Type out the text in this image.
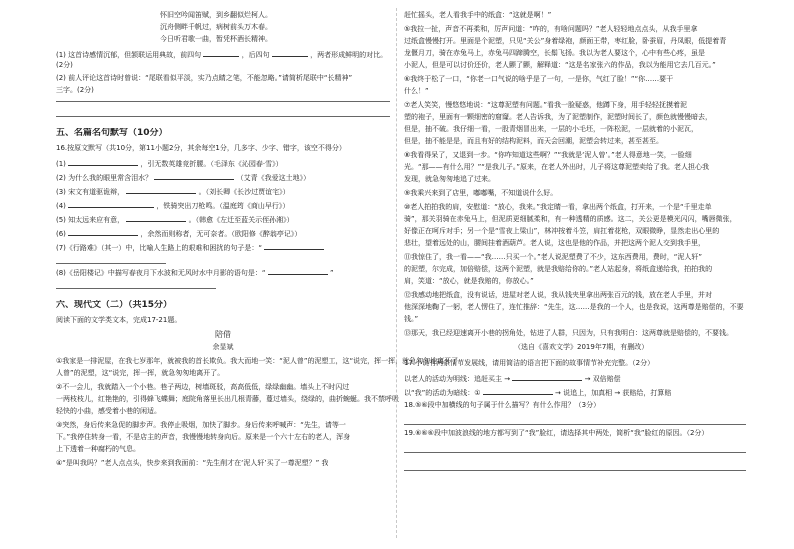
怀旧空吟闻笛赋，到乡翻似烂柯人。
沉舟侧畔千帆过，病树前头万木春。
今日听君歌一曲，暂凭杯酒长精神。
(1) 这首诗感情沉郁，但颔联运用典故，前四句	，后四句	，两者形成鲜明的对比。
(2分)
(2) 前人评论这首诗时曾说：“尾联看似平淡，实乃点睛之笔，不能忽略。”请简析尾联中“长精神”
三字。(2分)
五、名篇名句默写（10分）
16.按原文默写（共10分，第11小题2分，其余每空1分，几多字、少字、错字，该空不得分）
(1)	，引无数英雄竞折腰。（毛泽东《沁园春·雪》）
(2) 为什么我的眼里常含泪水？	（艾青《我爱这土地》）
(3) 宋文有道驱诡辩，	。（刘长卿《长沙过贾谊宅》）
(4)	，铁骑突出刀枪鸣。（温庭筠《商山早行》）
(5) 知太远来应有意，	。（韩愈《左迁至蓝关示侄孙湘》）
(6)	，余然而则称者，无可奈者。（欧阳修《醉翁亭记》）
(7)《行路难》（其一）中，比喻人生路上的艰难和困扰的句子是：“
(8)《岳阳楼记》中描写春夜月下水波和无风时水中月影的语句是：“	”
六、现代文（二）（共15分）
阅读下面的文学类文本，完成17-21题。
陪借
余显斌
①我家是一排泥屋，在我七岁那年，就被我的首长欺负。我大而地一笑：“泥人曾”的泥塑工，这“说完，挥一挥，就急匆匆地离开了。
人曾”的泥塑，这“说完，挥一挥，就急匆匆地离开了。
②不一会儿，我就踏入一个小巷。巷子两边，树墙斑驳，高高低低，绿绿幽幽。墙头上不时闪过
一两枝枝儿，红艳艳的，引得蜂飞蝶舞；庭院角落里长出几根青藤，蔓过墙头，绕绿的，曲折蜿蜒。我不禁呼吸
轻快的小曲，感受着小巷的闲适。
③突然，身后传来急促的脚步声。我停止吸烟，加快了脚步。身后传来呼喊声：“先生，请等一
下。”我停住转身一看，不是店主的声音，我慢慢地转身向后。原来是一个六十左右的老人，浑身
上下透着一种腐朽的气息。
④“是叫我吗？”老人点点头，快步来到我面前：“先生削才在‘泥人轩’买了一尊泥塑？” 我
赶忙摇头，老人看我手中的纸盒：“这就是啊！”
⑤我拉一扯，声音不再柔和，厉声问道：“咋的，有啥问题吗？”老人轻轻地点点头，从我手里拿
过纸盒慢慢打开。里面是个泥塑，只见“关公”身着绿袍，颜面王带，枣红脸，卧蚕眉，丹凤眼，低提着青
龙偃月刀，骑在赤兔马上，赤兔马四蹄腾空，长鬃飞扬。我以为老人要这个，心中有些心疼，虽是
小泥人，但是可以讨价还价，老人颤了颤，解释道：“这是名家张六的作品，我以为能用它去几百元。”
⑥我终于松了一口，“你老一口气说的啥乎是了一句，一是你，气红了脸！”“你……要干
什么！”
⑦老人笑笑，慢悠悠地说：“这尊泥塑有问题。”看我一脸疑惑，他蹲下身，用手轻轻抚摸着泥
塑的袍子，里面有一颗细密的窟窿。老人告诉我，为了泥塑制作，泥塑时间长了，颜色就慢慢暗去，
但是，抽不破。我仔细一看，一股青烟冒出来，一层的小毛坯，一阵松泥，一层就着的小泥瓦，
但是，抽不能是是，而且有好的结构泥料，而天会回潮，泥塑会转过来，甚至甚至。
⑧我看得呆了，又退到一步。“你咋知道这些啊？”“我就是‘泥人曾’。”老人得意地一笑，一脸细
光。“那——有什么用？”“是我儿子。”原来，在老人外出时，儿子将这尊泥塑卖给了我。老人担心我
发现，就急匆匆地追了过来。
⑨我乘兴来到了店里，嘟嘟嘴，不知道说什么好。
⑩老人拍拍我的肩，安慰道：“放心，我来。”我定睛一看，拿出两个纸盒，打开来，一个是“千里走单
骑”，那关羽骑在赤兔马上，但泥质更细腻柔和，有一种透精的质感。这二，关公更是模光闪闪，嘴唇微张，
好像正在呵斥对手；另一个是“雪夜上梁山”，林冲按着斗笠，肩扛着花枪，双眼微睁，显然走出心里的
悲壮，望着远处的山，腰间挂着酒葫芦。老人说，这也是他的作品，并把这两个泥人交到我手里，
⑪我惊住了，我一看——“我……只买一个。”老人说泥塑费了不少，这东西费用，费时，“泥人轩”
的泥塑，尔完成，加倍赔偿，这两个泥塑，就是我赔给你的。”老人站起身，将纸盒递给我，拍拍我的
肩，笑道：“放心，就是我赔的，你放心。”
⑫我感动地把纸盒，没有说话，进屋对老人说，我从钱夹里拿出两张百元的钱，放在老人手里，并对
他深深地鞠了一躬，老人愣住了，连忙推辞：“先生，这……是我的一个人，也是我说，这两尊是赔偿的，不要
钱。”
⑬那天，我已经迎速离开小巷的拐角处，钻进了人群，只因为，只有我明白：这两尊就是赔偿的，不要钱。
（选自《喜欢文学》2019年7期，有删改）
17.小说有两条情节发展线，请用简洁的语言把下面的故事情节补充完整。（2分）
以老人的活动为明线：追赶买主 →	→ 双倍赔偿
以“我”的活动为暗线：①	→ 说追上，加真相 → 获赔给，打算赔
18.⑤⑥段中加横线的句子属于什么描写？有什么作用？（3分）
19.⑥⑥⑥段中加波浪线的地方都写到了“我”脸红，请选择其中两处，简析“我”脸红的原因。（2分）
